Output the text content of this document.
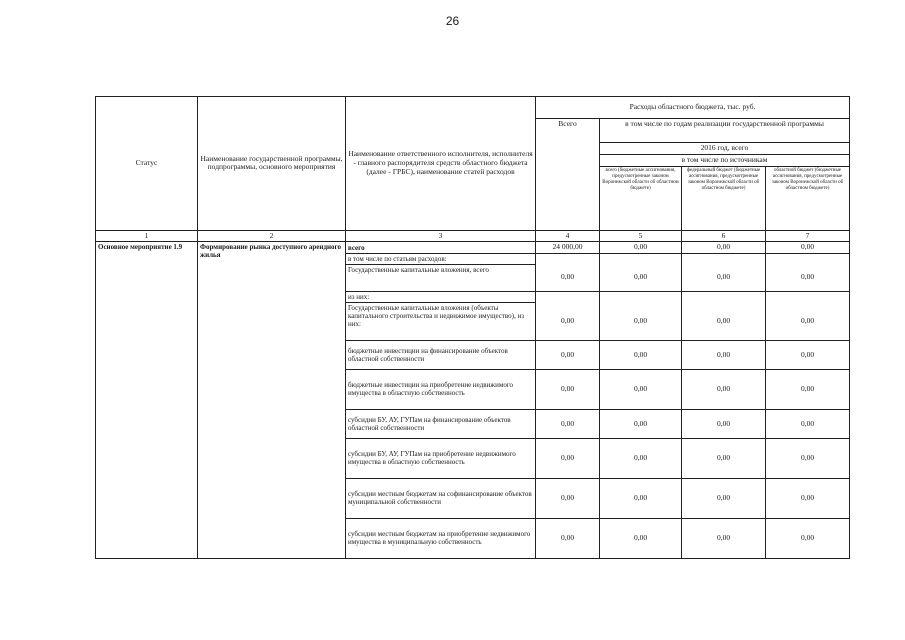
26
Статус	Наименование государственной программы, подпрограммы, основного мероприятия	Наименование ответственного исполнителя, исполнителя - главного распорядителя средств областного бюджета (далее - ГРБС), наименование статей расходов	Расходы областного бюджета, тыс. руб.			
			Всего	в том числе по годам реализации государственной программы		
				2016 год, всего		
				в том числе по источникам		
				всего (бюджетные ассигнования, предусмотренные законом Воронежской области об областном бюджете)	федеральный бюджет (бюджетные ассигнования, предусмотренные законом Воронежской области об областном бюджете)	областной бюджет (бюджетные ассигнования, предусмотренные законом Воронежской области об областном бюджете)
1	2	3	4	5	6	7
Основное мероприятие 1.9	Формирование рынка доступного арендного жилья	всего	24 000,00	0,00	0,00	0,00
		в том числе по статьям расходов:				
		Государственные капитальные вложения, всего	0,00	0,00	0,00	0,00
		из них:				
		Государственные капитальные вложения (объекты капитального строительства и недвижимое имущество), из них:	0,00	0,00	0,00	0,00
		бюджетные инвестиции на финансирование объектов областной собственности	0,00	0,00	0,00	0,00
		бюджетные инвестиции на приобретение недвижимого имущества в областную собственность	0,00	0,00	0,00	0,00
		субсидии БУ, АУ, ГУПам на финансирование объектов областной собственности	0,00	0,00	0,00	0,00
		субсидии БУ, АУ, ГУПам на приобретение недвижимого имущества в областную собственность	0,00	0,00	0,00	0,00
		субсидии местным бюджетам на софинансирование объектов муниципальной собственности	0,00	0,00	0,00	0,00
		субсидии местным бюджетам на приобретение недвижимого имущества в муниципальную собственность	0,00	0,00	0,00	0,00
